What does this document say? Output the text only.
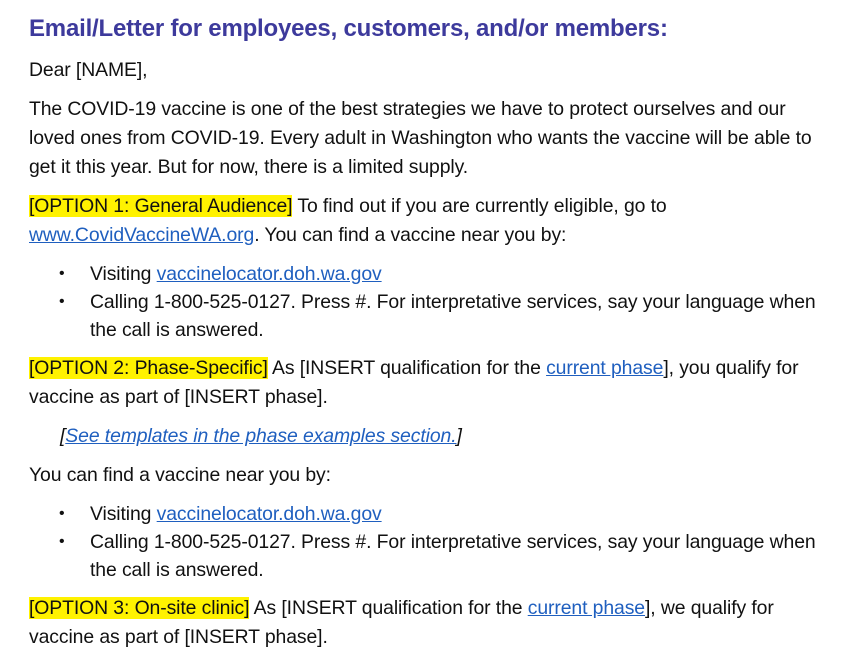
Email/Letter for employees, customers, and/or members:

Dear [NAME],

The COVID-19 vaccine is one of the best strategies we have to protect ourselves and our loved ones from COVID-19. Every adult in Washington who wants the vaccine will be able to get it this year. But for now, there is a limited supply.

[OPTION 1: General Audience] To find out if you are currently eligible, go to www.CovidVaccineWA.org. You can find a vaccine near you by:

• Visiting vaccinelocator.doh.wa.gov
• Calling 1-800-525-0127. Press #. For interpretative services, say your language when the call is answered.

[OPTION 2: Phase-Specific] As [INSERT qualification for the current phase], you qualify for vaccine as part of [INSERT phase].

[See templates in the phase examples section.]

You can find a vaccine near you by:

• Visiting vaccinelocator.doh.wa.gov
• Calling 1-800-525-0127. Press #. For interpretative services, say your language when the call is answered.

[OPTION 3: On-site clinic] As [INSERT qualification for the current phase], we qualify for vaccine as part of [INSERT phase].
